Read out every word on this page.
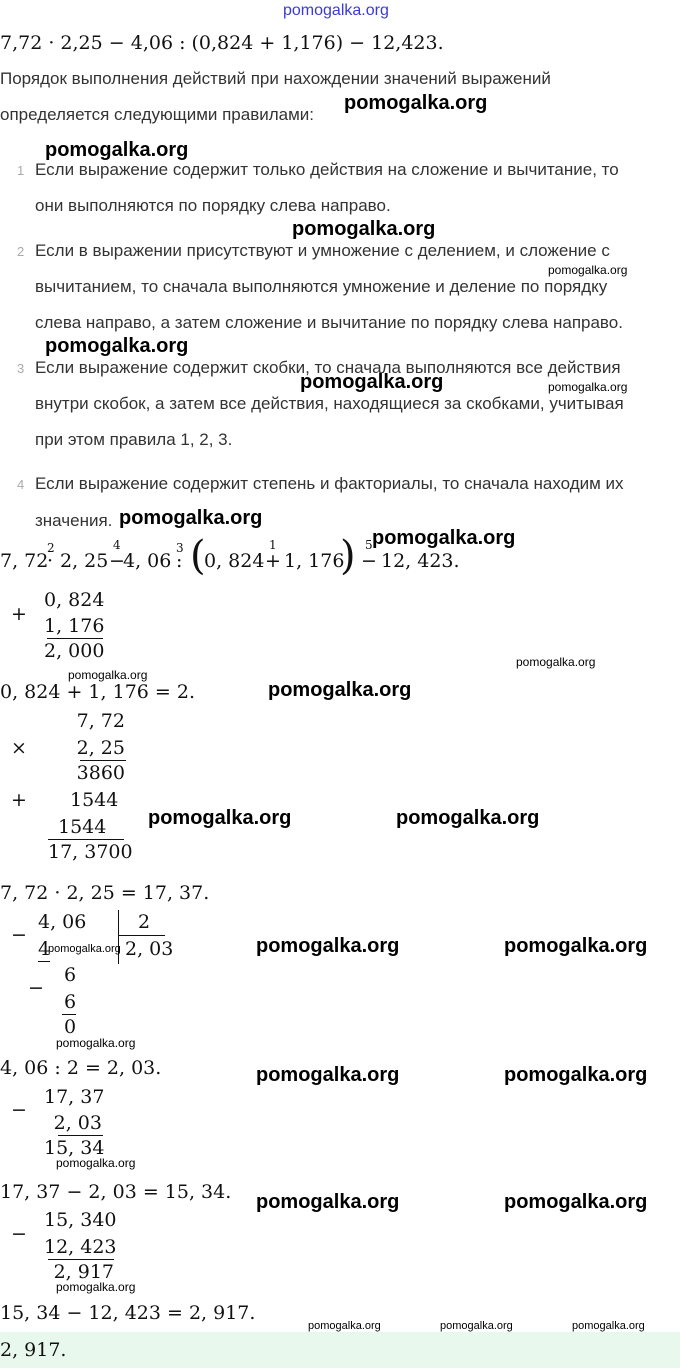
pomogalka.org
7,72 · 2,25 − 4,06 : (0,824 + 1,176) − 12,423.
Порядок выполнения действий при нахождении значений выражений
определяется следующими правилами:
1 Если выражение содержит только действия на сложение и вычитание, то
они выполняются по порядку слева направо.
2 Если в выражении присутствуют и умножение с делением, и сложение с
вычитанием, то сначала выполняются умножение и деление по порядку
слева направо, а затем сложение и вычитание по порядку слева направо.
3 Если выражение содержит скобки, то сначала выполняются все действия
внутри скобок, а затем все действия, находящиеся за скобками, учитывая
при этом правила 1, 2, 3.
4 Если выражение содержит степень и факториалы, то сначала находим их
значения.
7, 72
2
· 2, 25
4
−
4, 06
3
: (
0, 824
1
+ 1, 176
) 5
− 12, 423.
+
0, 824
1, 176
2, 000
0, 824 + 1, 176 = 2.
7, 72
×	2, 25
3860
+ 1544
1544
17, 3700
7, 72 · 2, 25 = 17, 37.
−
4, 06	2
4	2, 03
−
6
6
0
4, 06 : 2 = 2, 03.
−
17, 37
2, 03
15, 34
17, 37 − 2, 03 = 15, 34.
−
15, 340
12, 423
2, 917
15, 34 − 12, 423 = 2, 917.
2, 917.
pomogalka.org
pomogalka.org
pomogalka.org
pomogalka.org
pomogalka.org
pomogalka.org	pomogalka.org
pomogalka.org
pomogalka.org
pomogalka.org
pomogalka.org
pomogalka.org
pomogalka.org	pomogalka.org
pomogalka.org	pomogalka.org	pomogalka.org
pomogalka.org
pomogalka.org	pomogalka.org
pomogalka.org
pomogalka.org	pomogalka.org
pomogalka.org
pomogalka.org	pomogalka.org	pomogalka.org
